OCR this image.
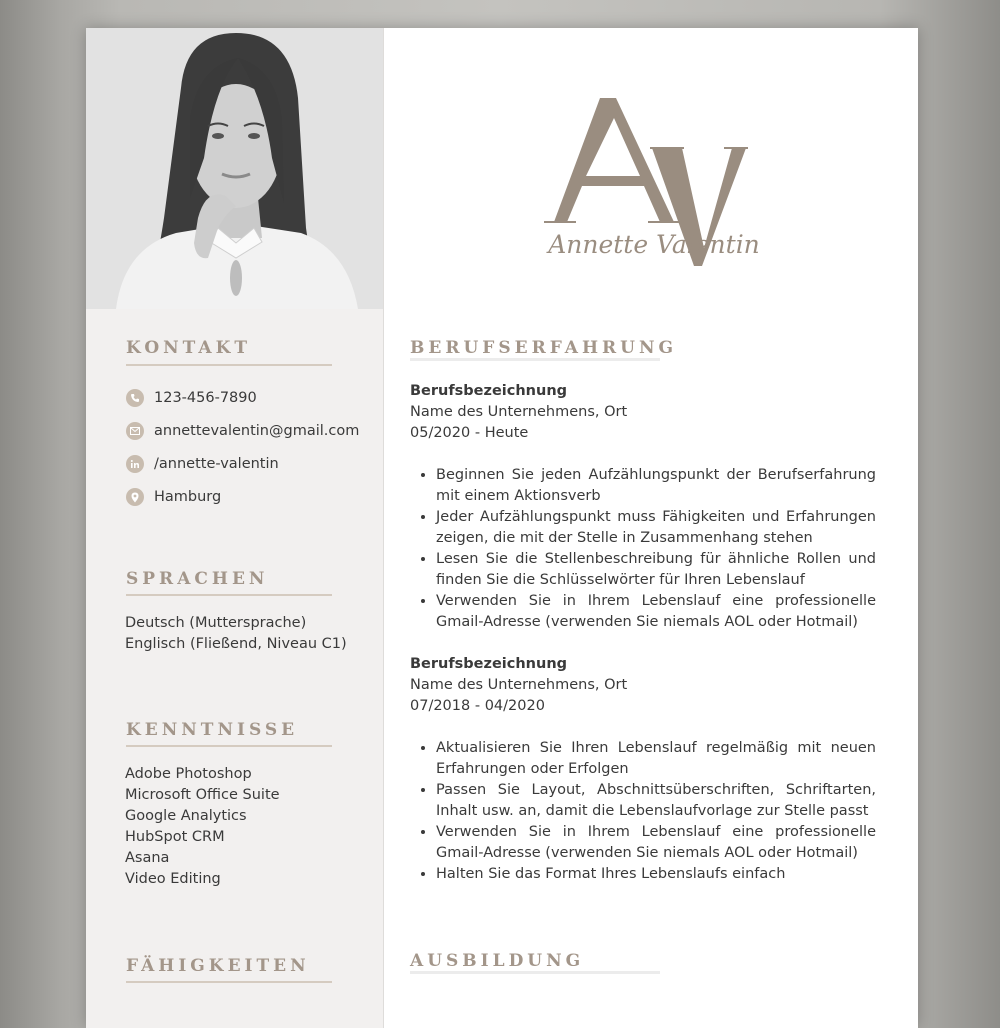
KONTAKT
123-456-7890
annettevalentin@gmail.com
/annette-valentin
Hamburg
SPRACHEN
Deutsch (Muttersprache)
Englisch (Fließend, Niveau C1)
KENNTNISSE
Adobe Photoshop
Microsoft Office Suite
Google Analytics
HubSpot CRM
Asana
Video Editing
FÄHIGKEITEN
Annette Valentin
BERUFSERFAHRUNG
Berufsbezeichnung
Name des Unternehmens, Ort
05/2020 - Heute
• Beginnen Sie jeden Aufzählungspunkt der Berufserfahrung mit einem Aktionsverb
• Jeder Aufzählungspunkt muss Fähigkeiten und Erfahrungen zeigen, die mit der Stelle in Zusammenhang stehen
• Lesen Sie die Stellenbeschreibung für ähnliche Rollen und finden Sie die Schlüsselwörter für Ihren Lebenslauf
• Verwenden Sie in Ihrem Lebenslauf eine professionelle Gmail-Adresse (verwenden Sie niemals AOL oder Hotmail)
Berufsbezeichnung
Name des Unternehmens, Ort
07/2018 - 04/2020
• Aktualisieren Sie Ihren Lebenslauf regelmäßig mit neuen Erfahrungen oder Erfolgen
• Passen Sie Layout, Abschnittsüberschriften, Schriftarten, Inhalt usw. an, damit die Lebenslaufvorlage zur Stelle passt
• Verwenden Sie in Ihrem Lebenslauf eine professionelle Gmail-Adresse (verwenden Sie niemals AOL oder Hotmail)
• Halten Sie das Format Ihres Lebenslaufs einfach
AUSBILDUNG
